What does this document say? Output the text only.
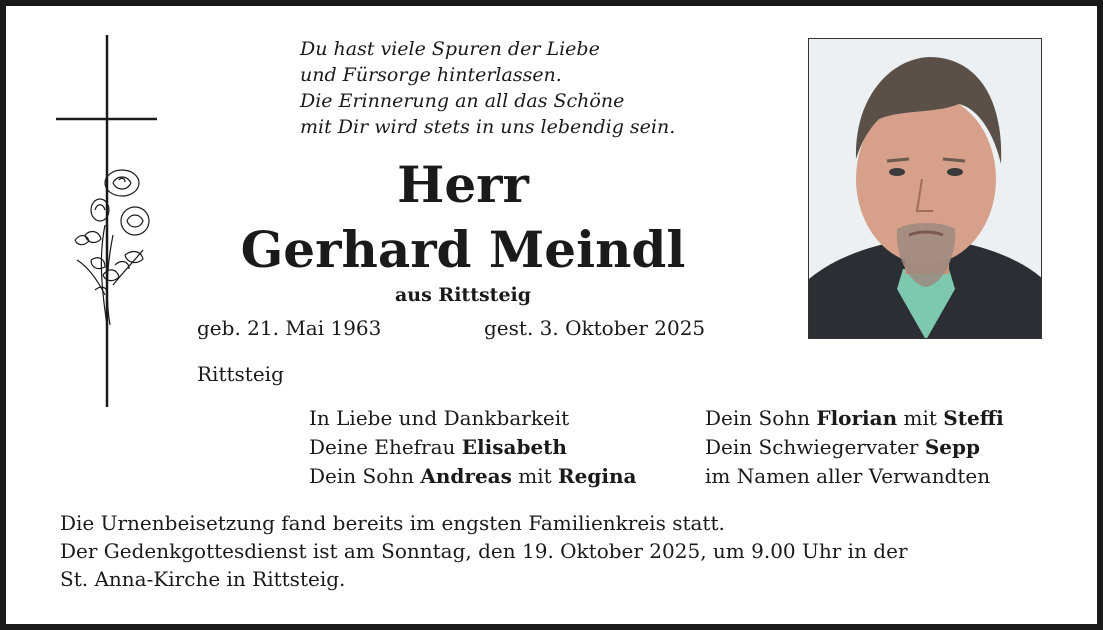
Du hast viele Spuren der Liebe
und Fürsorge hinterlassen.
Die Erinnerung an all das Schöne
mit Dir wird stets in uns lebendig sein.
Herr
Gerhard Meindl
aus Rittsteig
geb. 21. Mai 1963	gest. 3. Oktober 2025
Rittsteig
In Liebe und Dankbarkeit
Deine Ehefrau Elisabeth
Dein Sohn Andreas mit Regina
Dein Sohn Florian mit Steffi
Dein Schwiegervater Sepp
im Namen aller Verwandten
Die Urnenbeisetzung fand bereits im engsten Familienkreis statt.
Der Gedenkgottesdienst ist am Sonntag, den 19. Oktober 2025, um 9.00 Uhr in der
St. Anna-Kirche in Rittsteig.
